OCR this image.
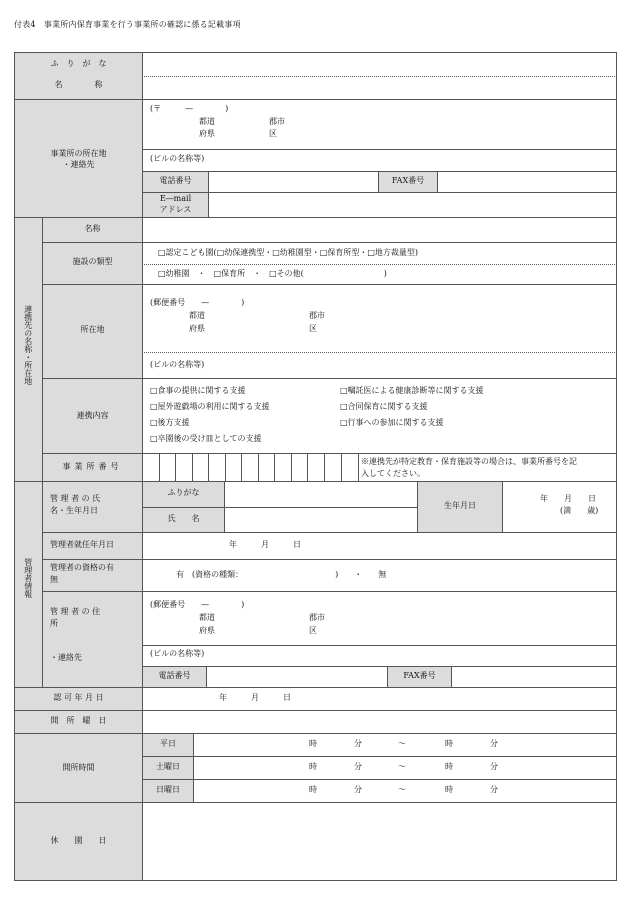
付表4　事業所内保育事業を行う事業所の確認に係る記載事項
ふ　り　が　な
名　　　　称
事業所の所在地
・連絡先
(〒　　　—　　　　)
都道	郡市
府県	区
(ビルの名称等)
電話番号	FAX番号
E―mail
アドレス
連携先の名称・所在地
名称
施設の類型
□認定こども園(□幼保連携型・□幼稚園型・□保育所型・□地方裁量型)
□幼稚園　・　□保育所　・　□その他(　　　　　　　　　　)
所在地
(郵便番号　　—　　　　)
都道	郡市
府県	区
(ビルの名称等)
連携内容
□食事の提供に関する支援	□嘱託医による健康診断等に関する支援
□屋外遊戯場の利用に関する支援	□合同保育に関する支援
□後方支援	□行事への参加に関する支援
□卒園後の受け皿としての支援
事業所番号
※連携先が特定教育・保育施設等の場合は、事業所番号を記
入してください。
管理者情報
管 理 者 の 氏
名・生年月日
ふりがな
氏　　名
生年月日
年　　月　　日
(満　　歳)
管理者就任年月日	年　　　月　　　日
管理者の資格の有
無
有　(資格の種類：　　　　　　　　　　　　)　　・　　無
管 理 者 の 住
所
・連絡先
(郵便番号　　—　　　　)
都道	郡市
府県	区
(ビルの名称等)
電話番号	FAX番号
認 可 年 月 日	年　　　月　　　日
開　所　曜　日
開所時間
平日	時	分	～	時	分
土曜日	時	分	～	時	分
日曜日	時	分	～	時	分
休　　園　　日
